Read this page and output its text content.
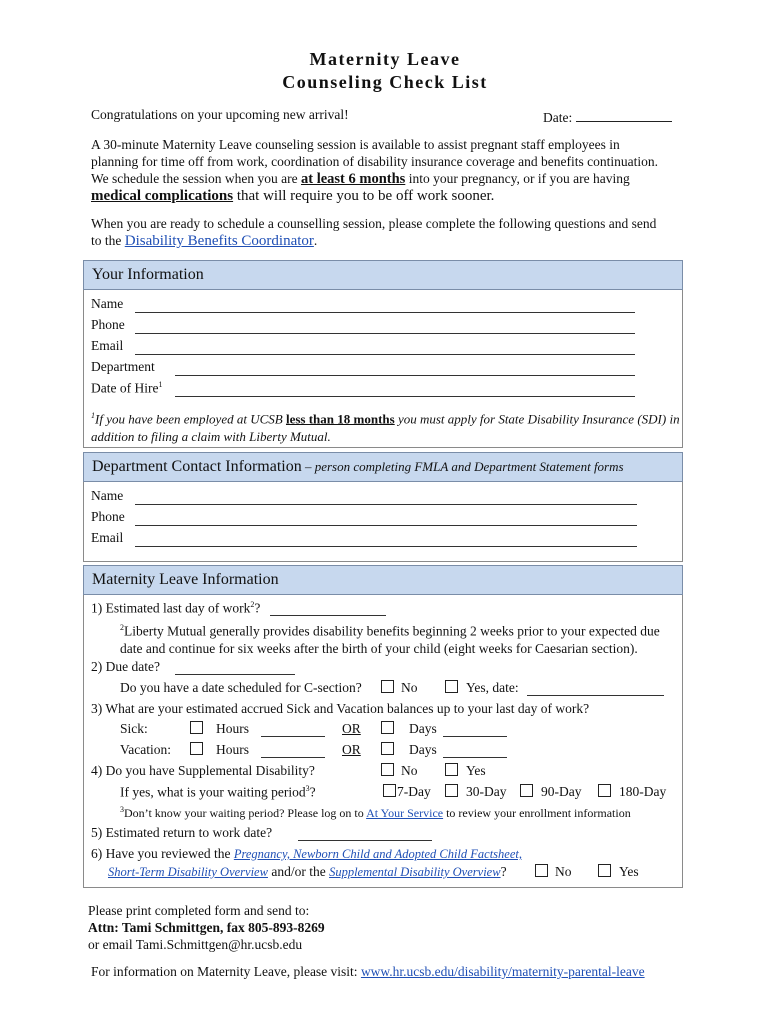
Maternity Leave
Counseling Check List
Congratulations on your upcoming new arrival!	Date:
A 30-minute Maternity Leave counseling session is available to assist pregnant staff employees in
planning for time off from work, coordination of disability insurance coverage and benefits continuation.
We schedule the session when you are at least 6 months into your pregnancy, or if you are having
medical complications that will require you to be off work sooner.
When you are ready to schedule a counselling session, please complete the following questions and send
to the Disability Benefits Coordinator.
Your Information
Name
Phone
Email
Department
Date of Hire$^1$
$^1$If you have been employed at UCSB less than 18 months you must apply for State Disability Insurance (SDI) in
addition to filing a claim with Liberty Mutual.
Department Contact Information – person completing FMLA and Department Statement forms
Name
Phone
Email
Maternity Leave Information
1) Estimated last day of work$^2$?
$^2$Liberty Mutual generally provides disability benefits beginning 2 weeks prior to your expected due
date and continue for six weeks after the birth of your child (eight weeks for Caesarian section).
2) Due date?
Do you have a date scheduled for C-section?	No	Yes, date:
3) What are your estimated accrued Sick and Vacation balances up to your last day of work?
Sick:	Hours	OR	Days
Vacation:	Hours	OR	Days
4) Do you have Supplemental Disability?	No	Yes
If yes, what is your waiting period$^3$?	7-Day	30-Day	90-Day	180-Day
$^3$Don’t know your waiting period? Please log on to At Your Service to review your enrollment information
5) Estimated return to work date?
6) Have you reviewed the Pregnancy, Newborn Child and Adopted Child Factsheet,
Short-Term Disability Overview and/or the Supplemental Disability Overview?	No	Yes
Please print completed form and send to:
Attn: Tami Schmittgen, fax 805-893-8269
or email Tami.Schmittgen@hr.ucsb.edu
For information on Maternity Leave, please visit: www.hr.ucsb.edu/disability/maternity-parental-leave
